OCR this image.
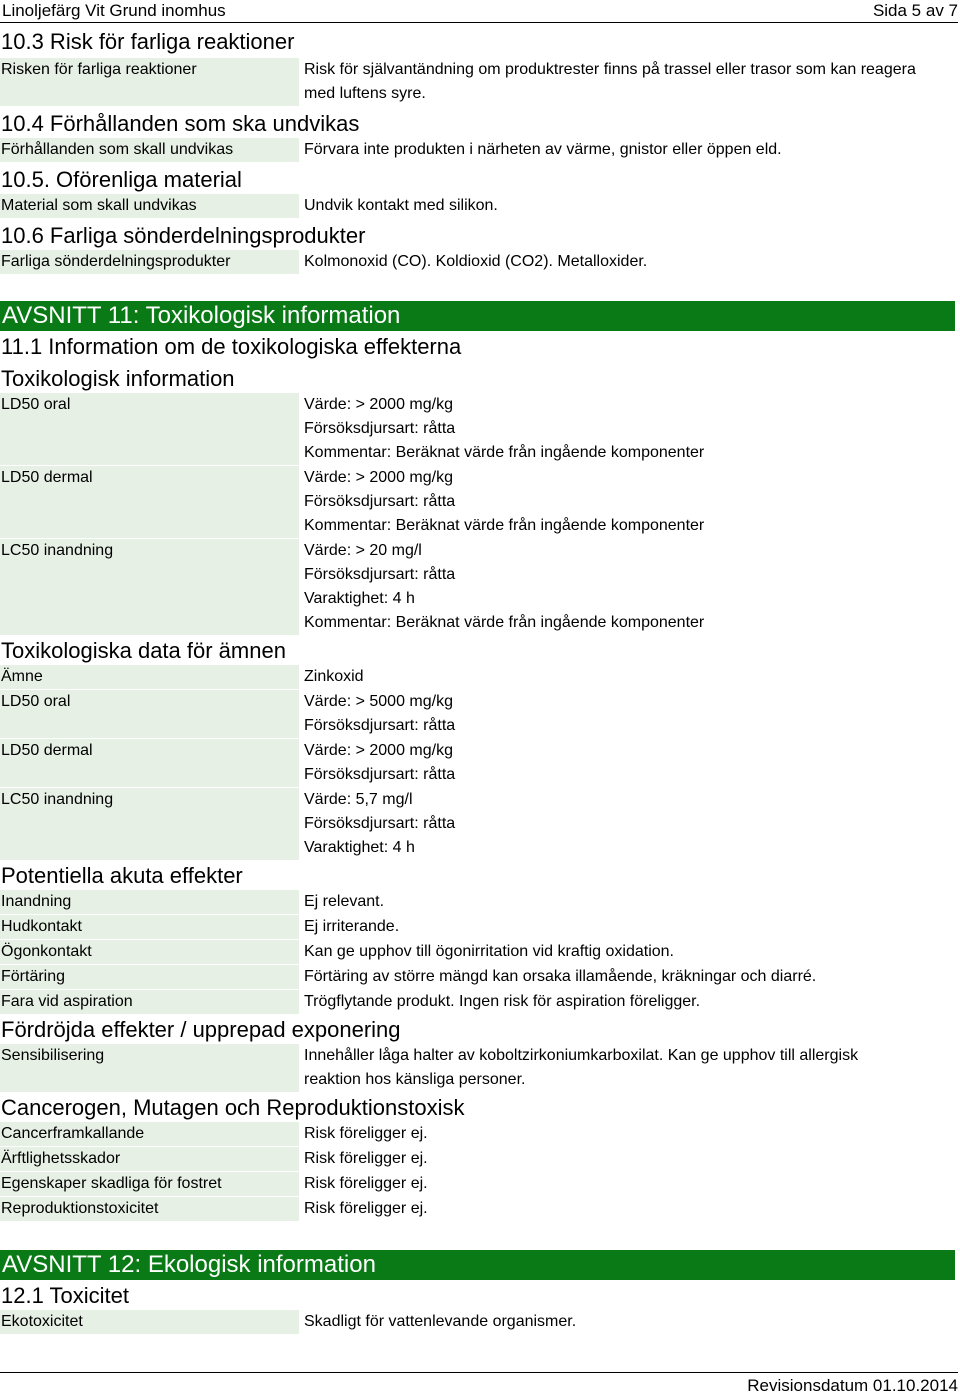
Linoljefärg Vit Grund inomhus	Sida 5 av 7
10.3 Risk för farliga reaktioner
Risken för farliga reaktioner	Risk för självantändning om produktrester finns på trassel eller trasor som kan reagera med luftens syre.
10.4 Förhållanden som ska undvikas
Förhållanden som skall undvikas	Förvara inte produkten i närheten av värme, gnistor eller öppen eld.
10.5. Oförenliga material
Material som skall undvikas	Undvik kontakt med silikon.
10.6 Farliga sönderdelningsprodukter
Farliga sönderdelningsprodukter	Kolmonoxid (CO). Koldioxid (CO2). Metalloxider.
AVSNITT 11: Toxikologisk information
11.1 Information om de toxikologiska effekterna
Toxikologisk information
LD50 oral	Värde: > 2000 mg/kg
Försöksdjursart: råtta
Kommentar: Beräknat värde från ingående komponenter
LD50 dermal	Värde: > 2000 mg/kg
Försöksdjursart: råtta
Kommentar: Beräknat värde från ingående komponenter
LC50 inandning	Värde: > 20 mg/l
Försöksdjursart: råtta
Varaktighet: 4 h
Kommentar: Beräknat värde från ingående komponenter
Toxikologiska data för ämnen
Ämne	Zinkoxid
LD50 oral	Värde: > 5000 mg/kg
Försöksdjursart: råtta
LD50 dermal	Värde: > 2000 mg/kg
Försöksdjursart: råtta
LC50 inandning	Värde: 5,7 mg/l
Försöksdjursart: råtta
Varaktighet: 4 h
Potentiella akuta effekter
Inandning	Ej relevant.
Hudkontakt	Ej irriterande.
Ögonkontakt	Kan ge upphov till ögonirritation vid kraftig oxidation.
Förtäring	Förtäring av större mängd kan orsaka illamående, kräkningar och diarré.
Fara vid aspiration	Trögflytande produkt. Ingen risk för aspiration föreligger.
Fördröjda effekter / upprepad exponering
Sensibilisering	Innehåller låga halter av koboltzirkoniumkarboxilat. Kan ge upphov till allergisk
reaktion hos känsliga personer.
Cancerogen, Mutagen och Reproduktionstoxisk
Cancerframkallande	Risk föreligger ej.
Ärftlighetsskador	Risk föreligger ej.
Egenskaper skadliga för fostret	Risk föreligger ej.
Reproduktionstoxicitet	Risk föreligger ej.
AVSNITT 12: Ekologisk information
12.1 Toxicitet
Ekotoxicitet	Skadligt för vattenlevande organismer.
Revisionsdatum 01.10.2014
